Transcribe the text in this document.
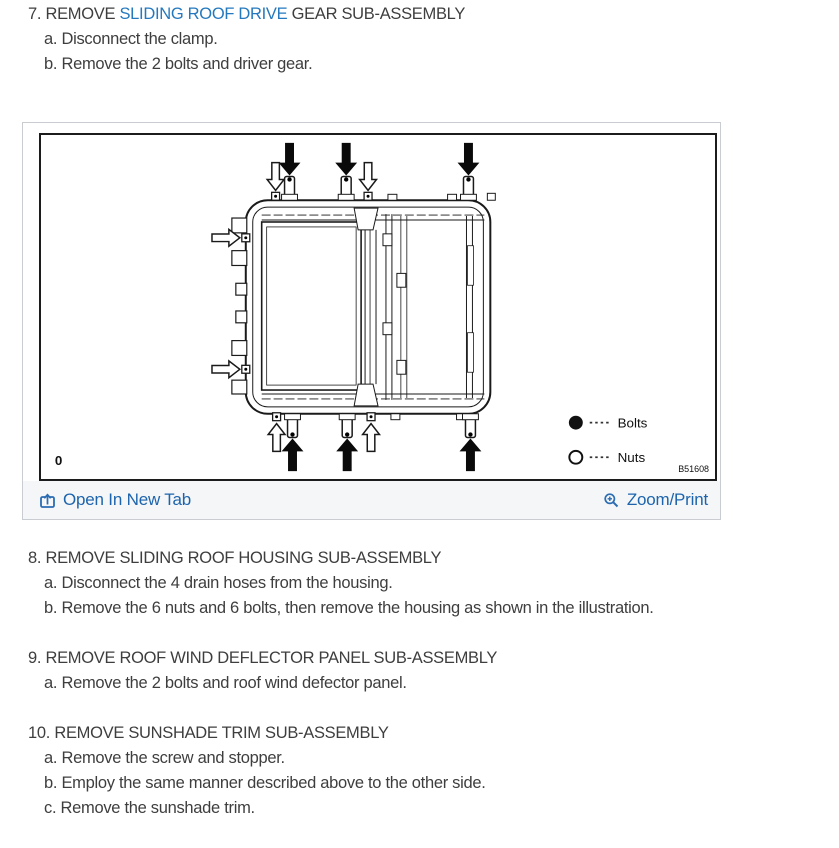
7. REMOVE SLIDING ROOF DRIVE GEAR SUB-ASSEMBLY
a. Disconnect the clamp.
b. Remove the 2 bolts and driver gear.
Bolts
Nuts
0
B51608
Open In New Tab	Zoom/Print
8. REMOVE SLIDING ROOF HOUSING SUB-ASSEMBLY
a. Disconnect the 4 drain hoses from the housing.
b. Remove the 6 nuts and 6 bolts, then remove the housing as shown in the illustration.
9. REMOVE ROOF WIND DEFLECTOR PANEL SUB-ASSEMBLY
a. Remove the 2 bolts and roof wind defector panel.
10. REMOVE SUNSHADE TRIM SUB-ASSEMBLY
a. Remove the screw and stopper.
b. Employ the same manner described above to the other side.
c. Remove the sunshade trim.
